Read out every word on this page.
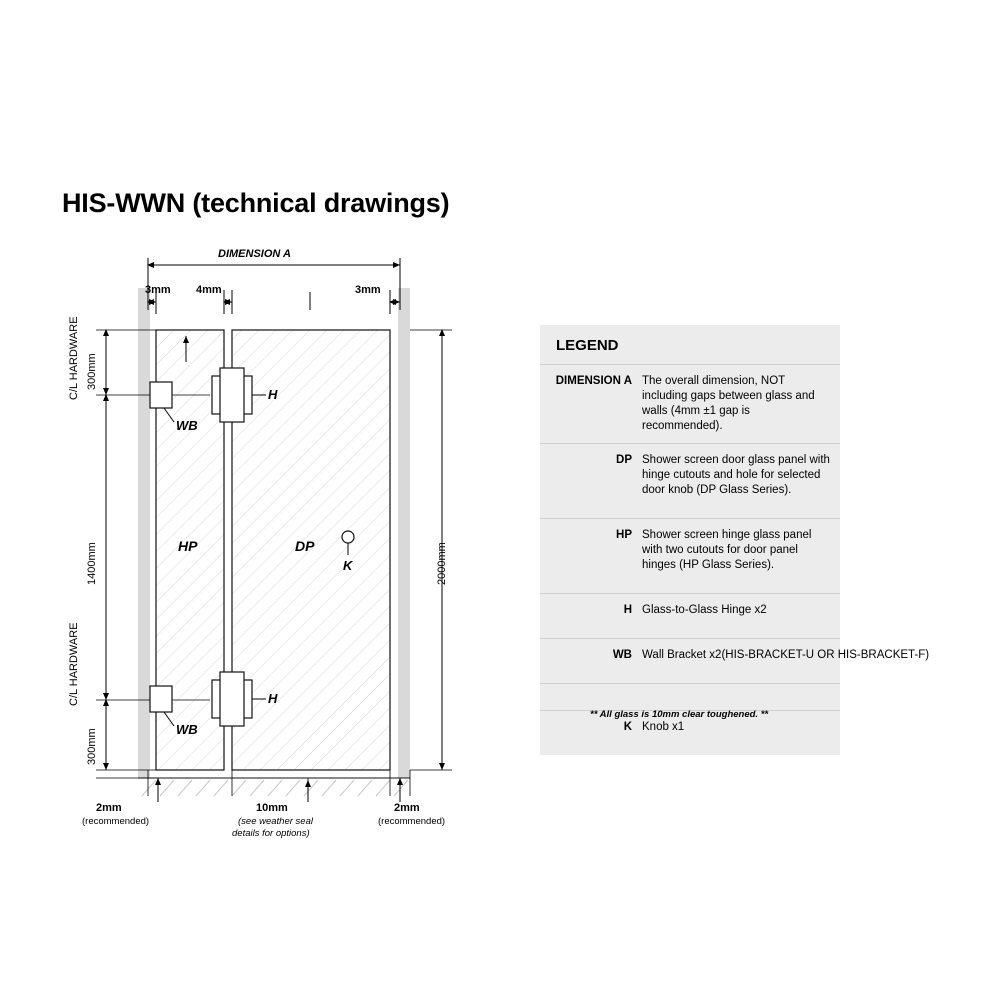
HIS-WWN (technical drawings)
DIMENSION A
3mm 4mm	3mm
C/L HARDWARE 300mm
1400mm
C/L HARDWARE
300mm
2000mm
HP	DP
K
H
H
WB
WB
2mm
(recommended)
10mm
(see weather seal
details for options)
2mm
(recommended)
LEGEND
DIMENSION A The overall dimension, NOT including gaps between glass and walls (4mm ±1 gap is recommended).
DP Shower screen door glass panel with hinge cutouts and hole for selected door knob (DP Glass Series).
HP Shower screen hinge glass panel with two cutouts for door panel hinges (HP Glass Series).
H Glass-to-Glass Hinge x2
WB Wall Bracket x2(HIS-BRACKET-U OR HIS-BRACKET-F)
K Knob x1
** All glass is 10mm clear toughened. **
